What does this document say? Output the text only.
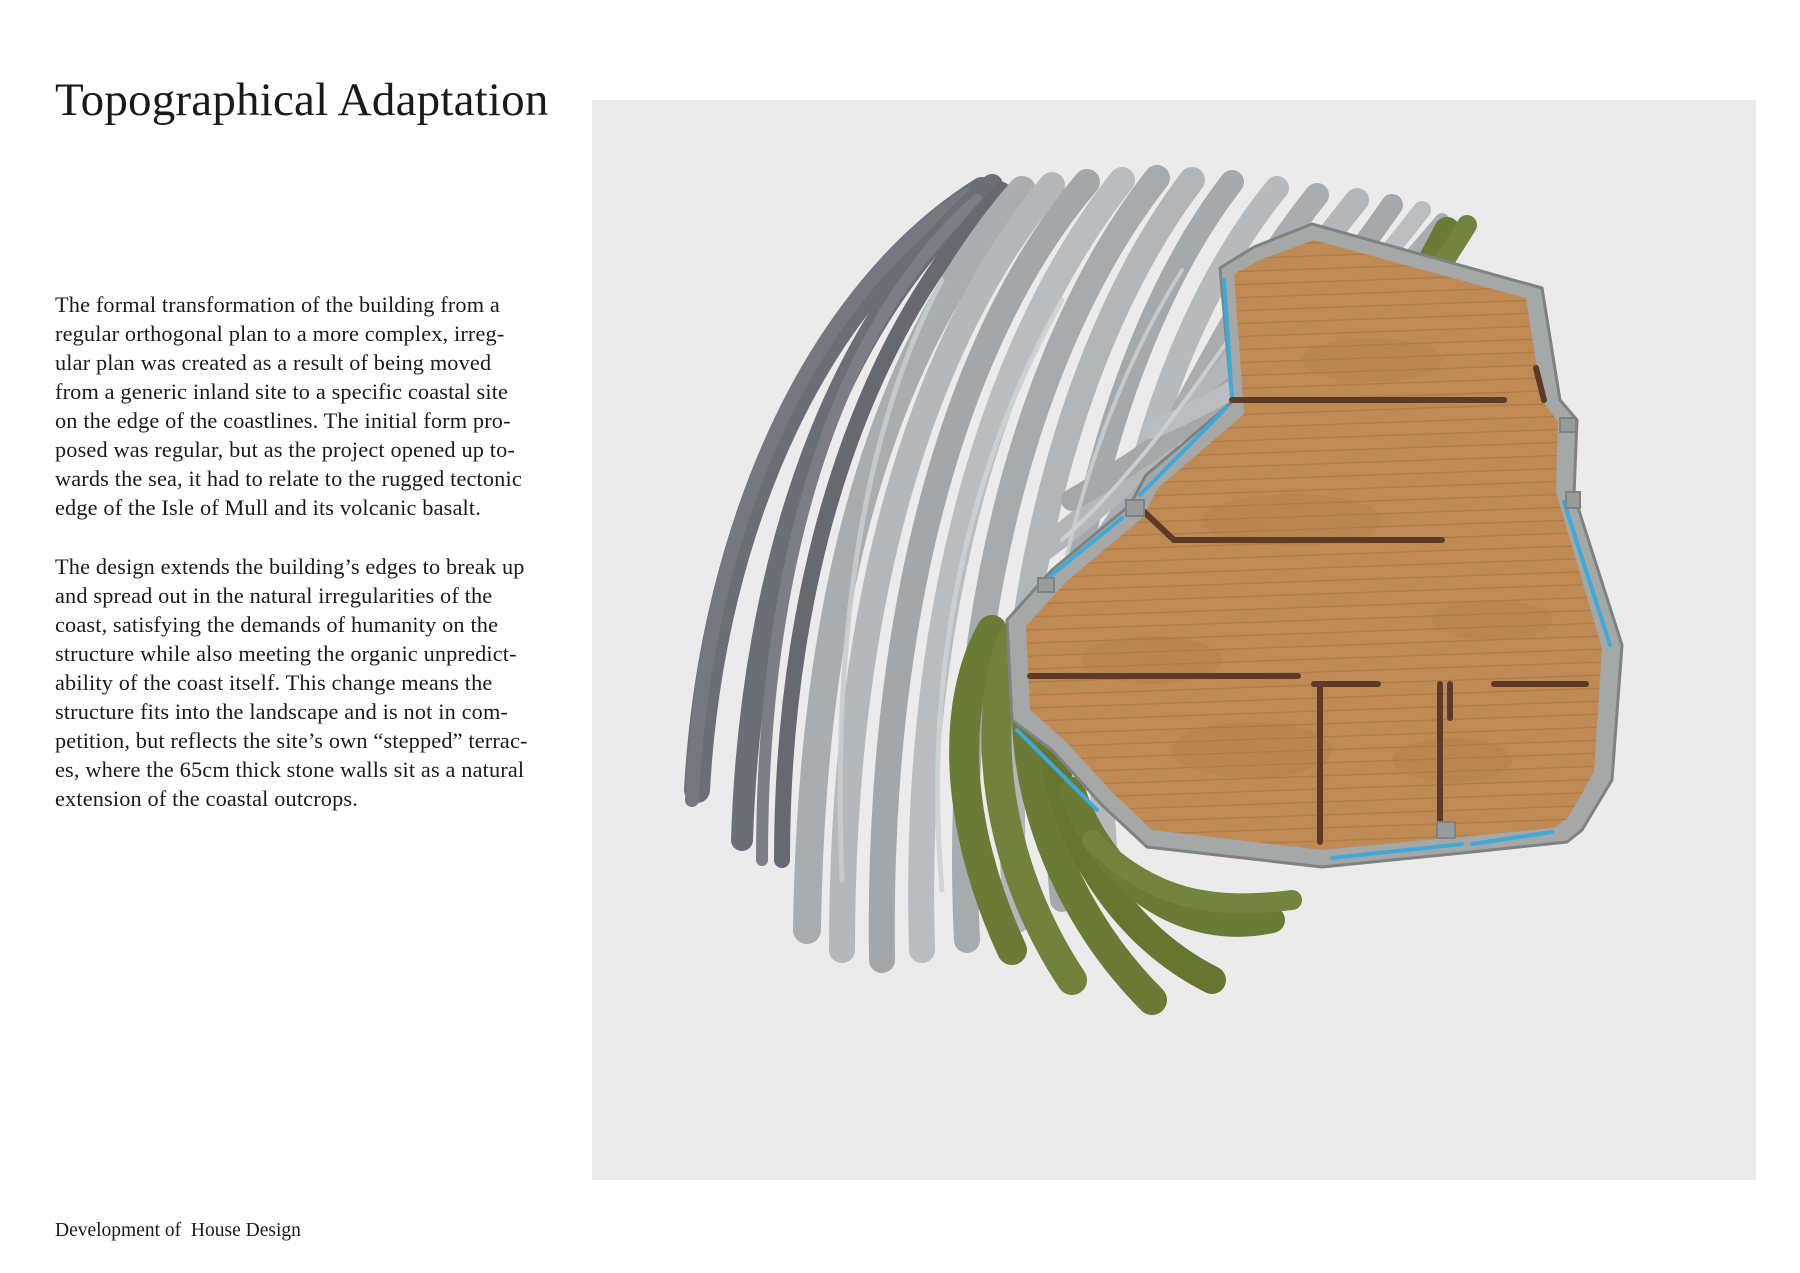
Topographical Adaptation

The formal transformation of the building from a
regular orthogonal plan to a more complex, irreg-
ular plan was created as a result of being moved
from a generic inland site to a specific coastal site
on the edge of the coastlines. The initial form pro-
posed was regular, but as the project opened up to-
wards the sea, it had to relate to the rugged tectonic
edge of the Isle of Mull and its volcanic basalt.

The design extends the building’s edges to break up
and spread out in the natural irregularities of the
coast, satisfying the demands of humanity on the
structure while also meeting the organic unpredict-
ability of the coast itself. This change means the
structure fits into the landscape and is not in com-
petition, but reflects the site’s own “stepped” terrac-
es, where the 65cm thick stone walls sit as a natural
extension of the coastal outcrops.

Development of  House Design
